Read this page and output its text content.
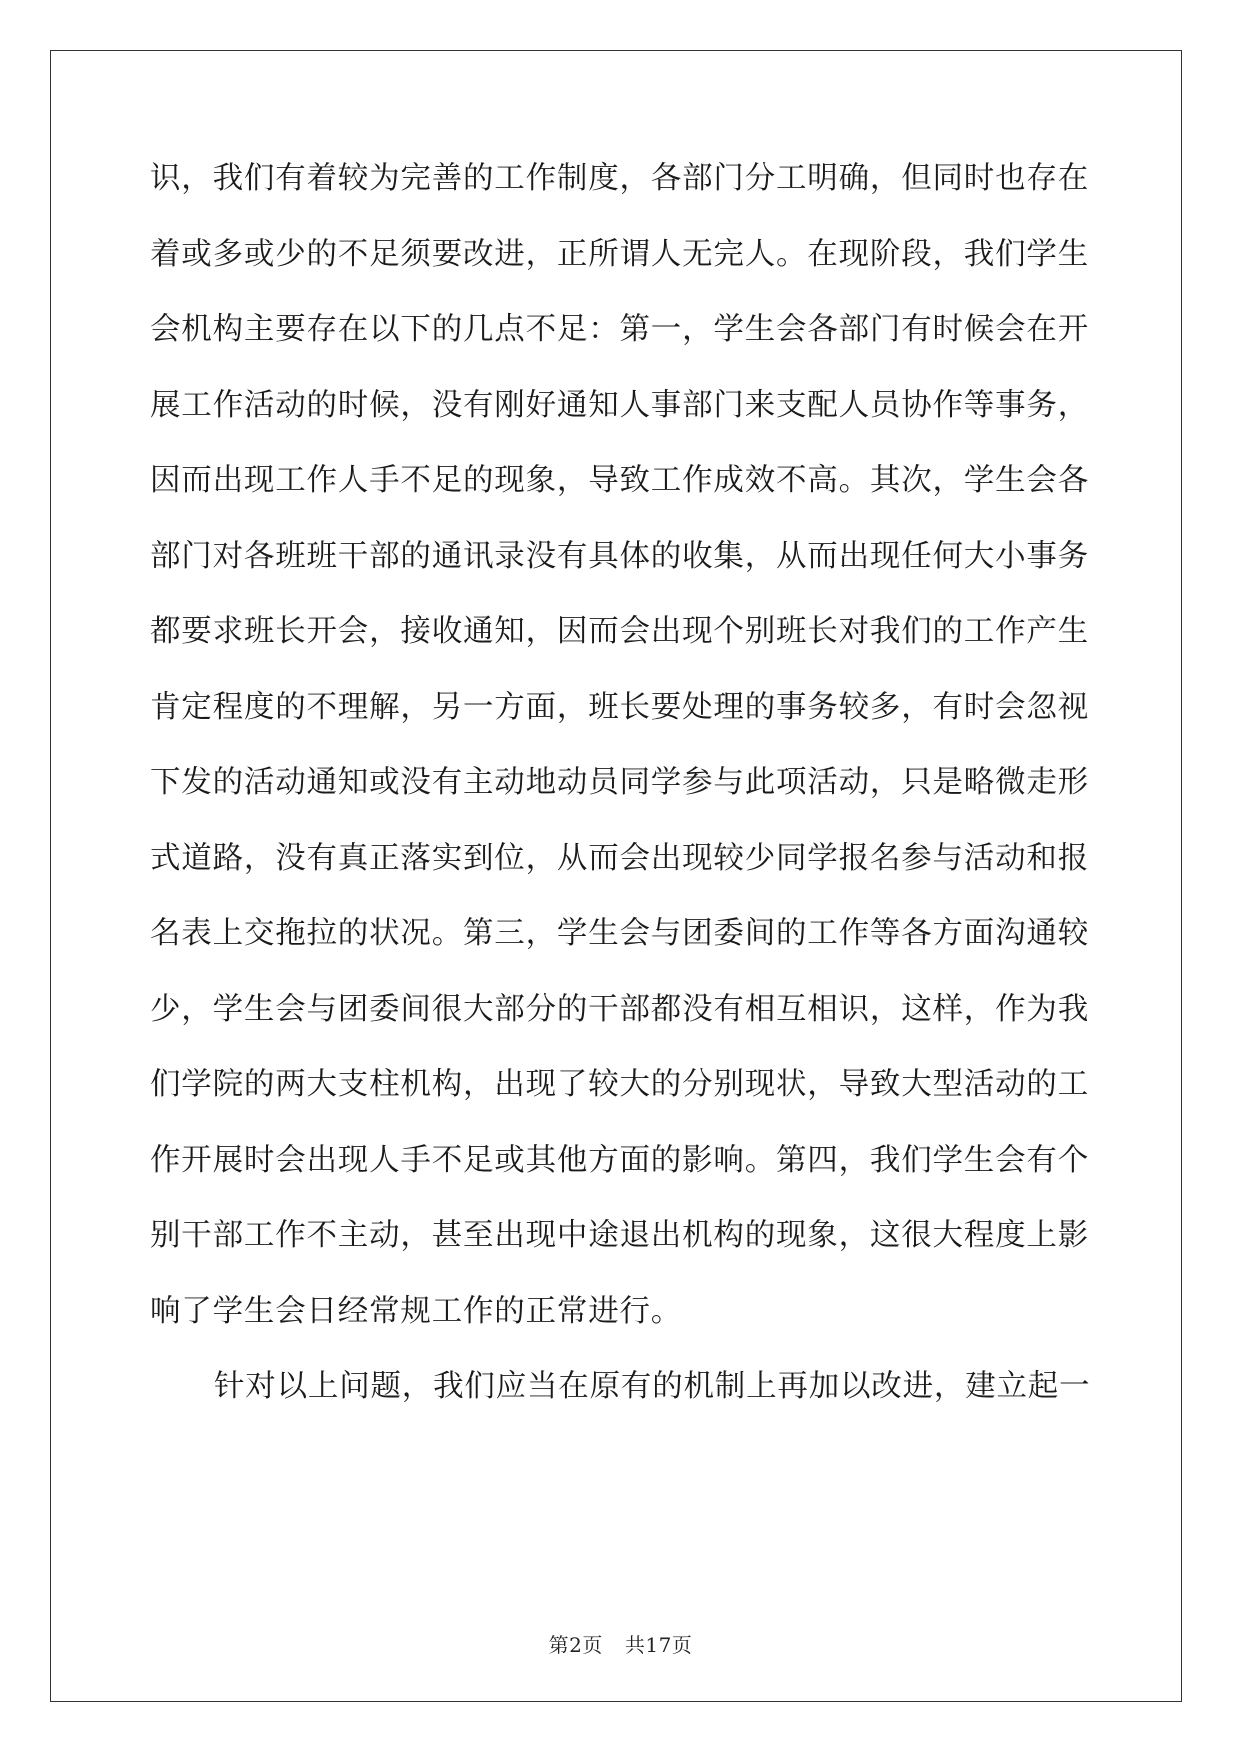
识，我们有着较为完善的工作制度，各部门分工明确，但同时也存在
着或多或少的不足须要改进，正所谓人无完人。在现阶段，我们学生
会机构主要存在以下的几点不足：第一，学生会各部门有时候会在开
展工作活动的时候，没有刚好通知人事部门来支配人员协作等事务，
因而出现工作人手不足的现象，导致工作成效不高。其次，学生会各
部门对各班班干部的通讯录没有具体的收集，从而出现任何大小事务
都要求班长开会，接收通知，因而会出现个别班长对我们的工作产生
肯定程度的不理解，另一方面，班长要处理的事务较多，有时会忽视
下发的活动通知或没有主动地动员同学参与此项活动，只是略微走形
式道路，没有真正落实到位，从而会出现较少同学报名参与活动和报
名表上交拖拉的状况。第三，学生会与团委间的工作等各方面沟通较
少，学生会与团委间很大部分的干部都没有相互相识，这样，作为我
们学院的两大支柱机构，出现了较大的分别现状，导致大型活动的工
作开展时会出现人手不足或其他方面的影响。第四，我们学生会有个
别干部工作不主动，甚至出现中途退出机构的现象，这很大程度上影
响了学生会日经常规工作的正常进行。
针对以上问题，我们应当在原有的机制上再加以改进，建立起一
第2页 共17页
